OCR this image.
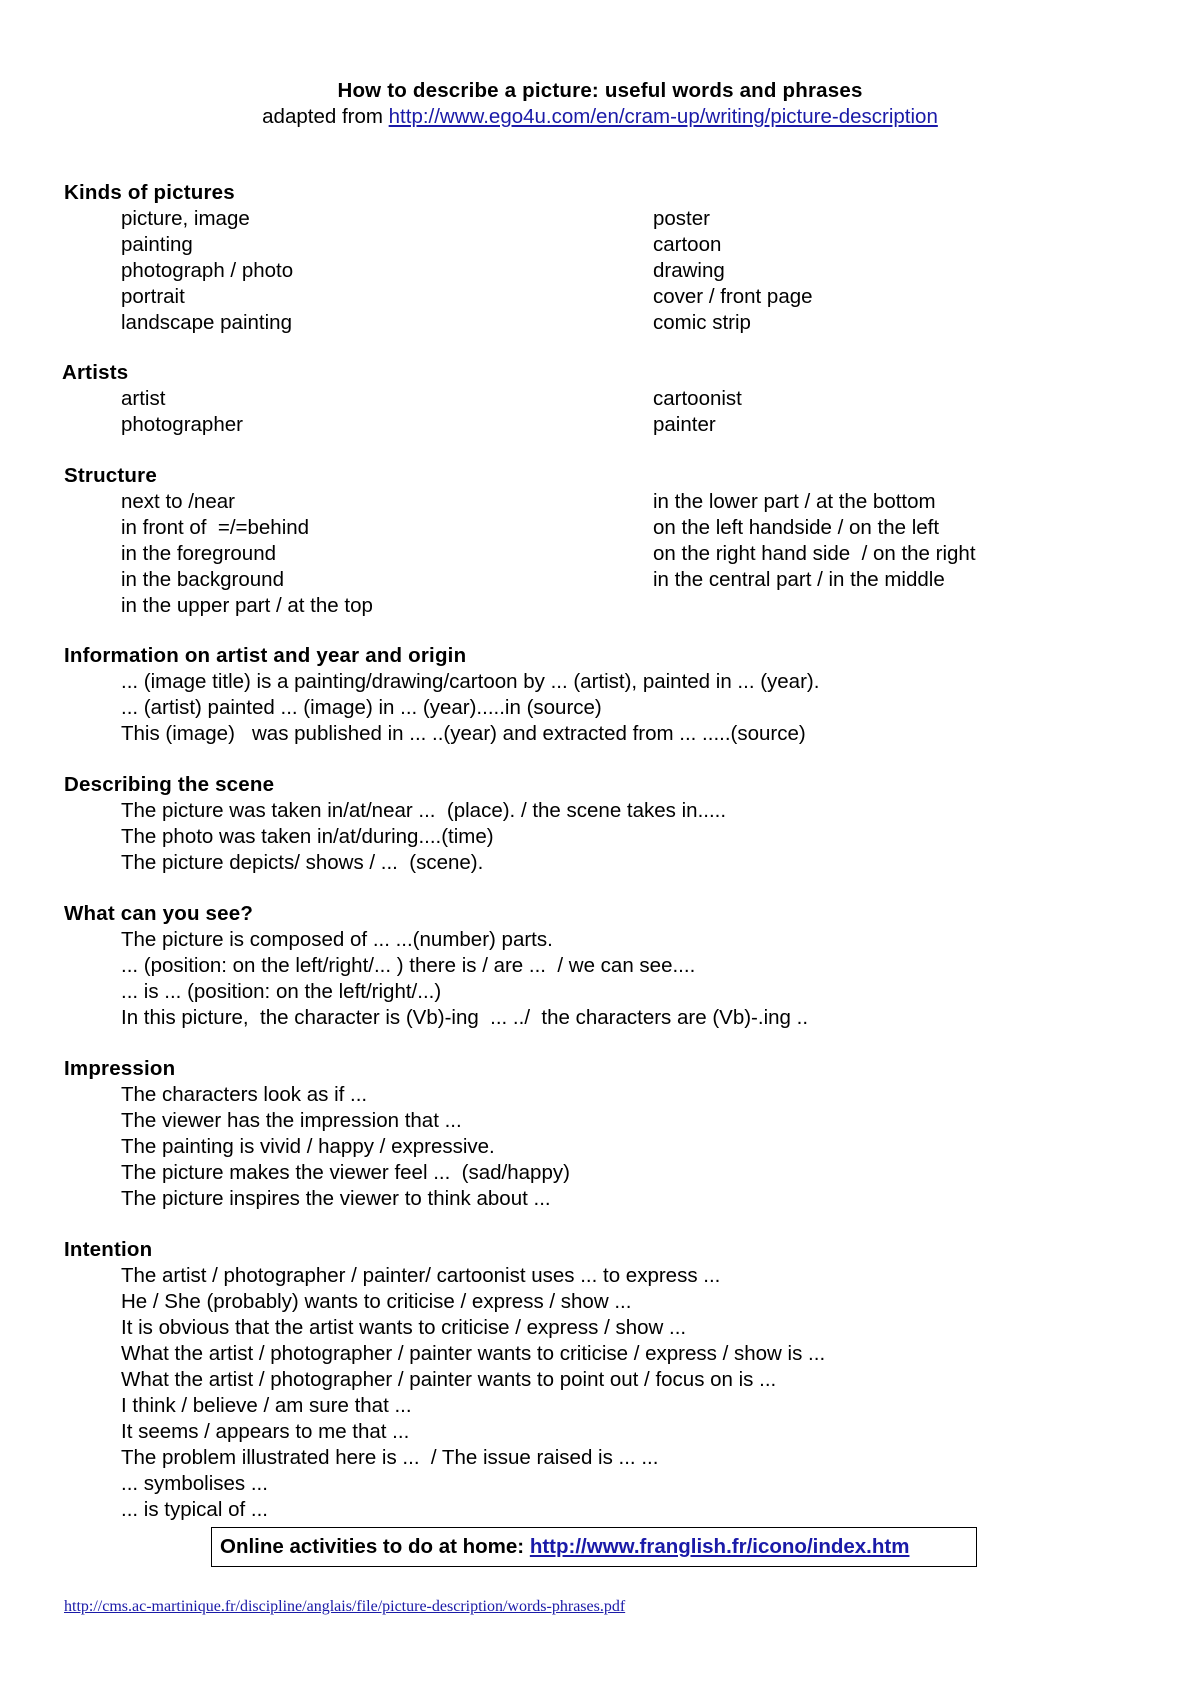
How to describe a picture: useful words and phrases
adapted from http://www.ego4u.com/en/cram-up/writing/picture-description
Kinds of pictures
picture, image
painting
photograph / photo
portrait
landscape painting
poster
cartoon
drawing
cover / front page
comic strip
Artists
artist
photographer
cartoonist
painter
Structure
next to /near
in front of  =/=behind
in the foreground
in the background
in the upper part / at the top
in the lower part / at the bottom
on the left handside / on the left
on the right hand side  / on the right
in the central part / in the middle
Information on artist and year and origin
... (image title) is a painting/drawing/cartoon by ... (artist), painted in ... (year).
... (artist) painted ... (image) in ... (year).....in (source)
This (image)   was published in ... ..(year) and extracted from ... .....(source)
Describing the scene
The picture was taken in/at/near ...  (place). / the scene takes in.....
The photo was taken in/at/during....(time)
The picture depicts/ shows / ...  (scene).
What can you see?
The picture is composed of ... ...(number) parts.
... (position: on the left/right/... ) there is / are ...  / we can see....
... is ... (position: on the left/right/...)
In this picture,  the character is (Vb)-ing  ... ../  the characters are (Vb)-.ing ..
Impression
The characters look as if ...
The viewer has the impression that ...
The painting is vivid / happy / expressive.
The picture makes the viewer feel ...  (sad/happy)
The picture inspires the viewer to think about ...
Intention
The artist / photographer / painter/ cartoonist uses ... to express ...
He / She (probably) wants to criticise / express / show ...
It is obvious that the artist wants to criticise / express / show ...
What the artist / photographer / painter wants to criticise / express / show is ...
What the artist / photographer / painter wants to point out / focus on is ...
I think / believe / am sure that ...
It seems / appears to me that ...
The problem illustrated here is ...  / The issue raised is ... ...
... symbolises ...
... is typical of ...
Online activities to do at home: http://www.franglish.fr/icono/index.htm
http://cms.ac-martinique.fr/discipline/anglais/file/picture-description/words-phrases.pdf
